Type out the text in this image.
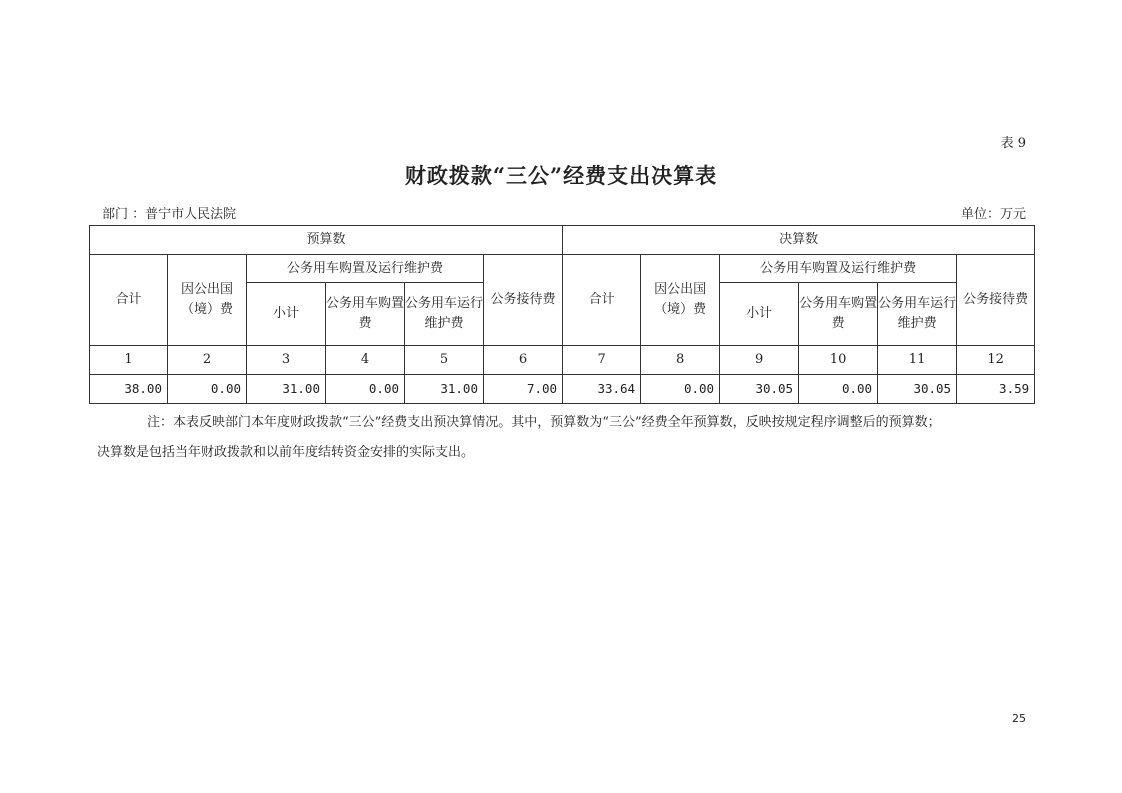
表 9
财政拨款“三公”经费支出决算表
部门 ：普宁市人民法院	单位：万元
预算数						决算数					
合计	因公出国（境）费	公务用车购置及运行维护费			公务接待费	合计	因公出国（境）费	公务用车购置及运行维护费			公务接待费
		小计	公务用车购置费	公务用车运行维护费				小计	公务用车购置费	公务用车运行维护费	
1	2	3	4	5	6	7	8	9	10	11	12
38.00	0.00	31.00	0.00	31.00	7.00	33.64	0.00	30.05	0.00	30.05	3.59
注：本表反映部门本年度财政拨款“三公”经费支出预决算情况。其中，预算数为“三公”经费全年预算数，反映按规定程序调整后的预算数；
决算数是包括当年财政拨款和以前年度结转资金安排的实际支出。
25
